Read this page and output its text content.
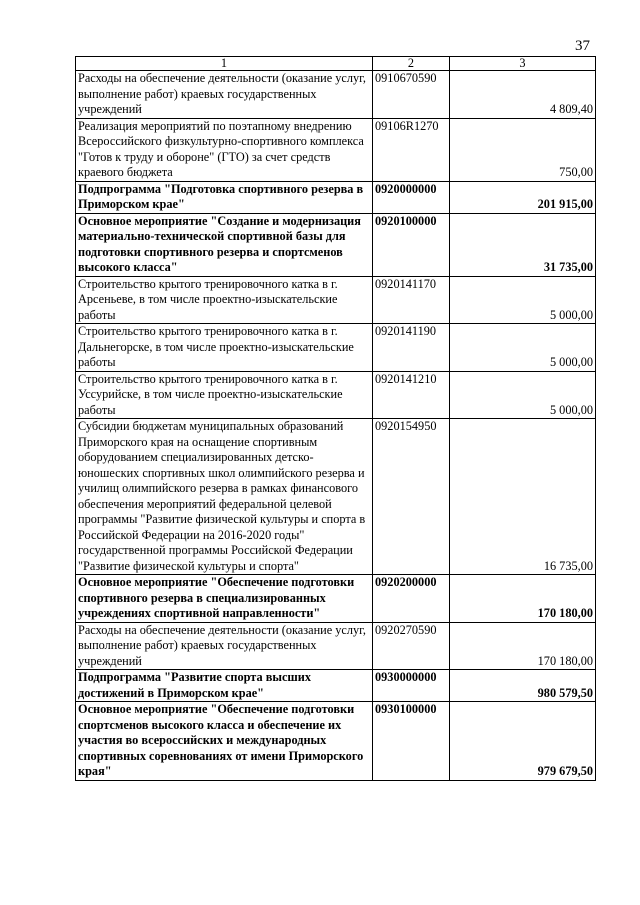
37
1	2	3
Расходы на обеспечение деятельности (оказание услуг, выполнение работ) краевых государственных учреждений	0910670590	4 809,40
Реализация мероприятий по поэтапному внедрению Всероссийского физкультурно-спортивного комплекса "Готов к труду и обороне" (ГТО) за счет средств краевого бюджета	09106R1270	750,00
Подпрограмма "Подготовка спортивного резерва в Приморском крае"	0920000000	201 915,00
Основное мероприятие "Создание и модернизация материально-технической спортивной базы для подготовки спортивного резерва и спортсменов высокого класса"	0920100000	31 735,00
Строительство крытого тренировочного катка в г. Арсеньеве, в том числе проектно-изыскательские работы	0920141170	5 000,00
Строительство крытого тренировочного катка в г. Дальнегорске, в том числе проектно-изыскательские работы	0920141190	5 000,00
Строительство крытого тренировочного катка в г. Уссурийске, в том числе проектно-изыскательские работы	0920141210	5 000,00
Субсидии бюджетам муниципальных образований Приморского края на оснащение спортивным оборудованием специализированных детско-юношеских спортивных школ олимпийского резерва и училищ олимпийского резерва в рамках финансового обеспечения мероприятий федеральной целевой программы "Развитие физической культуры и спорта в Российской Федерации на 2016-2020 годы" государственной программы Российской Федерации "Развитие физической культуры и спорта"	0920154950	16 735,00
Основное мероприятие "Обеспечение подготовки спортивного резерва в специализированных учреждениях спортивной направленности"	0920200000	170 180,00
Расходы на обеспечение деятельности (оказание услуг, выполнение работ) краевых государственных учреждений	0920270590	170 180,00
Подпрограмма "Развитие спорта высших достижений в Приморском крае"	0930000000	980 579,50
Основное мероприятие "Обеспечение подготовки спортсменов высокого класса и обеспечение их участия во всероссийских и международных спортивных соревнованиях от имени Приморского края"	0930100000	979 679,50
